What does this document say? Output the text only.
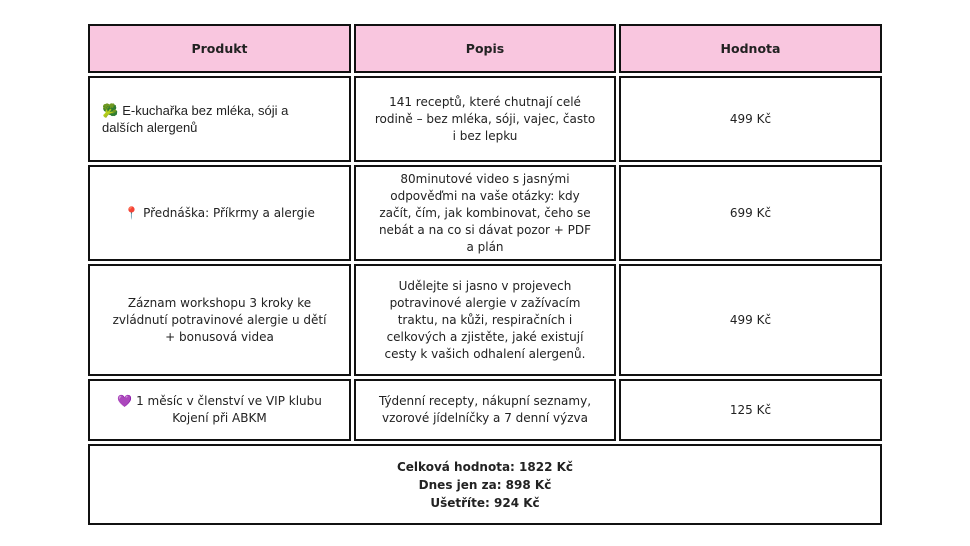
Produkt	Popis	Hodnota
🥦 E-kuchařka bez mléka, sóji a dalších alergenů
141 receptů, které chutnají celé rodině – bez mléka, sóji, vajec, často i bez lepku
499 Kč
📍 Přednáška: Příkrmy a alergie
80minutové video s jasnými odpověďmi na vaše otázky: kdy začít, čím, jak kombinovat, čeho se nebát a na co si dávat pozor + PDF a plán
699 Kč
Záznam workshopu 3 kroky ke zvládnutí potravinové alergie u dětí + bonusová videa
Udělejte si jasno v projevech potravinové alergie v zažívacím traktu, na kůži, respiračních i celkových a zjistěte, jaké existují cesty k vašich odhalení alergenů.
499 Kč
💜 1 měsíc v členství ve VIP klubu Kojení při ABKM
Týdenní recepty, nákupní seznamy, vzorové jídelníčky a 7 denní výzva
125 Kč
Celková hodnota: 1822 Kč
Dnes jen za: 898 Kč
Ušetříte: 924 Kč
